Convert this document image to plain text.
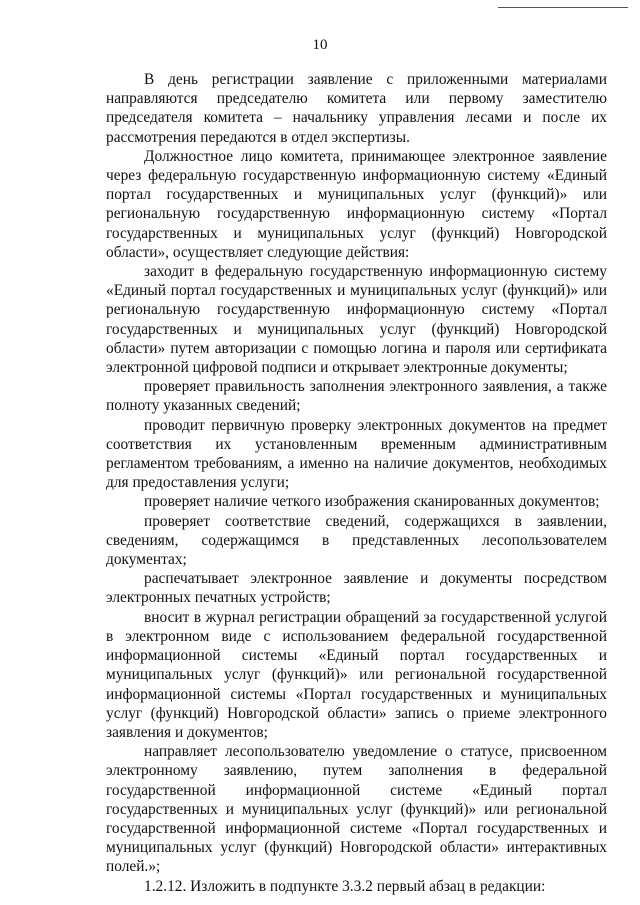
10

В день регистрации заявление с приложенными материалами направляются председателю комитета или первому заместителю председателя комитета – начальнику управления лесами и после их рассмотрения передаются в отдел экспертизы.

Должностное лицо комитета, принимающее электронное заявление через федеральную государственную информационную систему «Единый портал государственных и муниципальных услуг (функций)» или региональную государственную информационную систему «Портал государственных и муниципальных услуг (функций) Новгородской области», осуществляет следующие действия:

заходит в федеральную государственную информационную систему «Единый портал государственных и муниципальных услуг (функций)» или региональную государственную информационную систему «Портал государственных и муниципальных услуг (функций) Новгородской области» путем авторизации с помощью логина и пароля или сертификата электронной цифровой подписи и открывает электронные документы;

проверяет правильность заполнения электронного заявления, а также полноту указанных сведений;

проводит первичную проверку электронных документов на предмет соответствия их установленным временным административным регламентом требованиям, а именно на наличие документов, необходимых для предоставления услуги;

проверяет наличие четкого изображения сканированных документов;

проверяет соответствие сведений, содержащихся в заявлении, сведениям, содержащимся в представленных лесопользователем документах;

распечатывает электронное заявление и документы посредством электронных печатных устройств;

вносит в журнал регистрации обращений за государственной услугой в электронном виде с использованием федеральной государственной информационной системы «Единый портал государственных и муниципальных услуг (функций)» или региональной государственной информационной системы «Портал государственных и муниципальных услуг (функций) Новгородской области» запись о приеме электронного заявления и документов;

направляет лесопользователю уведомление о статусе, присвоенном электронному заявлению, путем заполнения в федеральной государственной информационной системе «Единый портал государственных и муниципальных услуг (функций)» или региональной государственной информационной системе «Портал государственных и муниципальных услуг (функций) Новгородской области» интерактивных полей.»;

1.2.12. Изложить в подпункте 3.3.2 первый абзац в редакции:
